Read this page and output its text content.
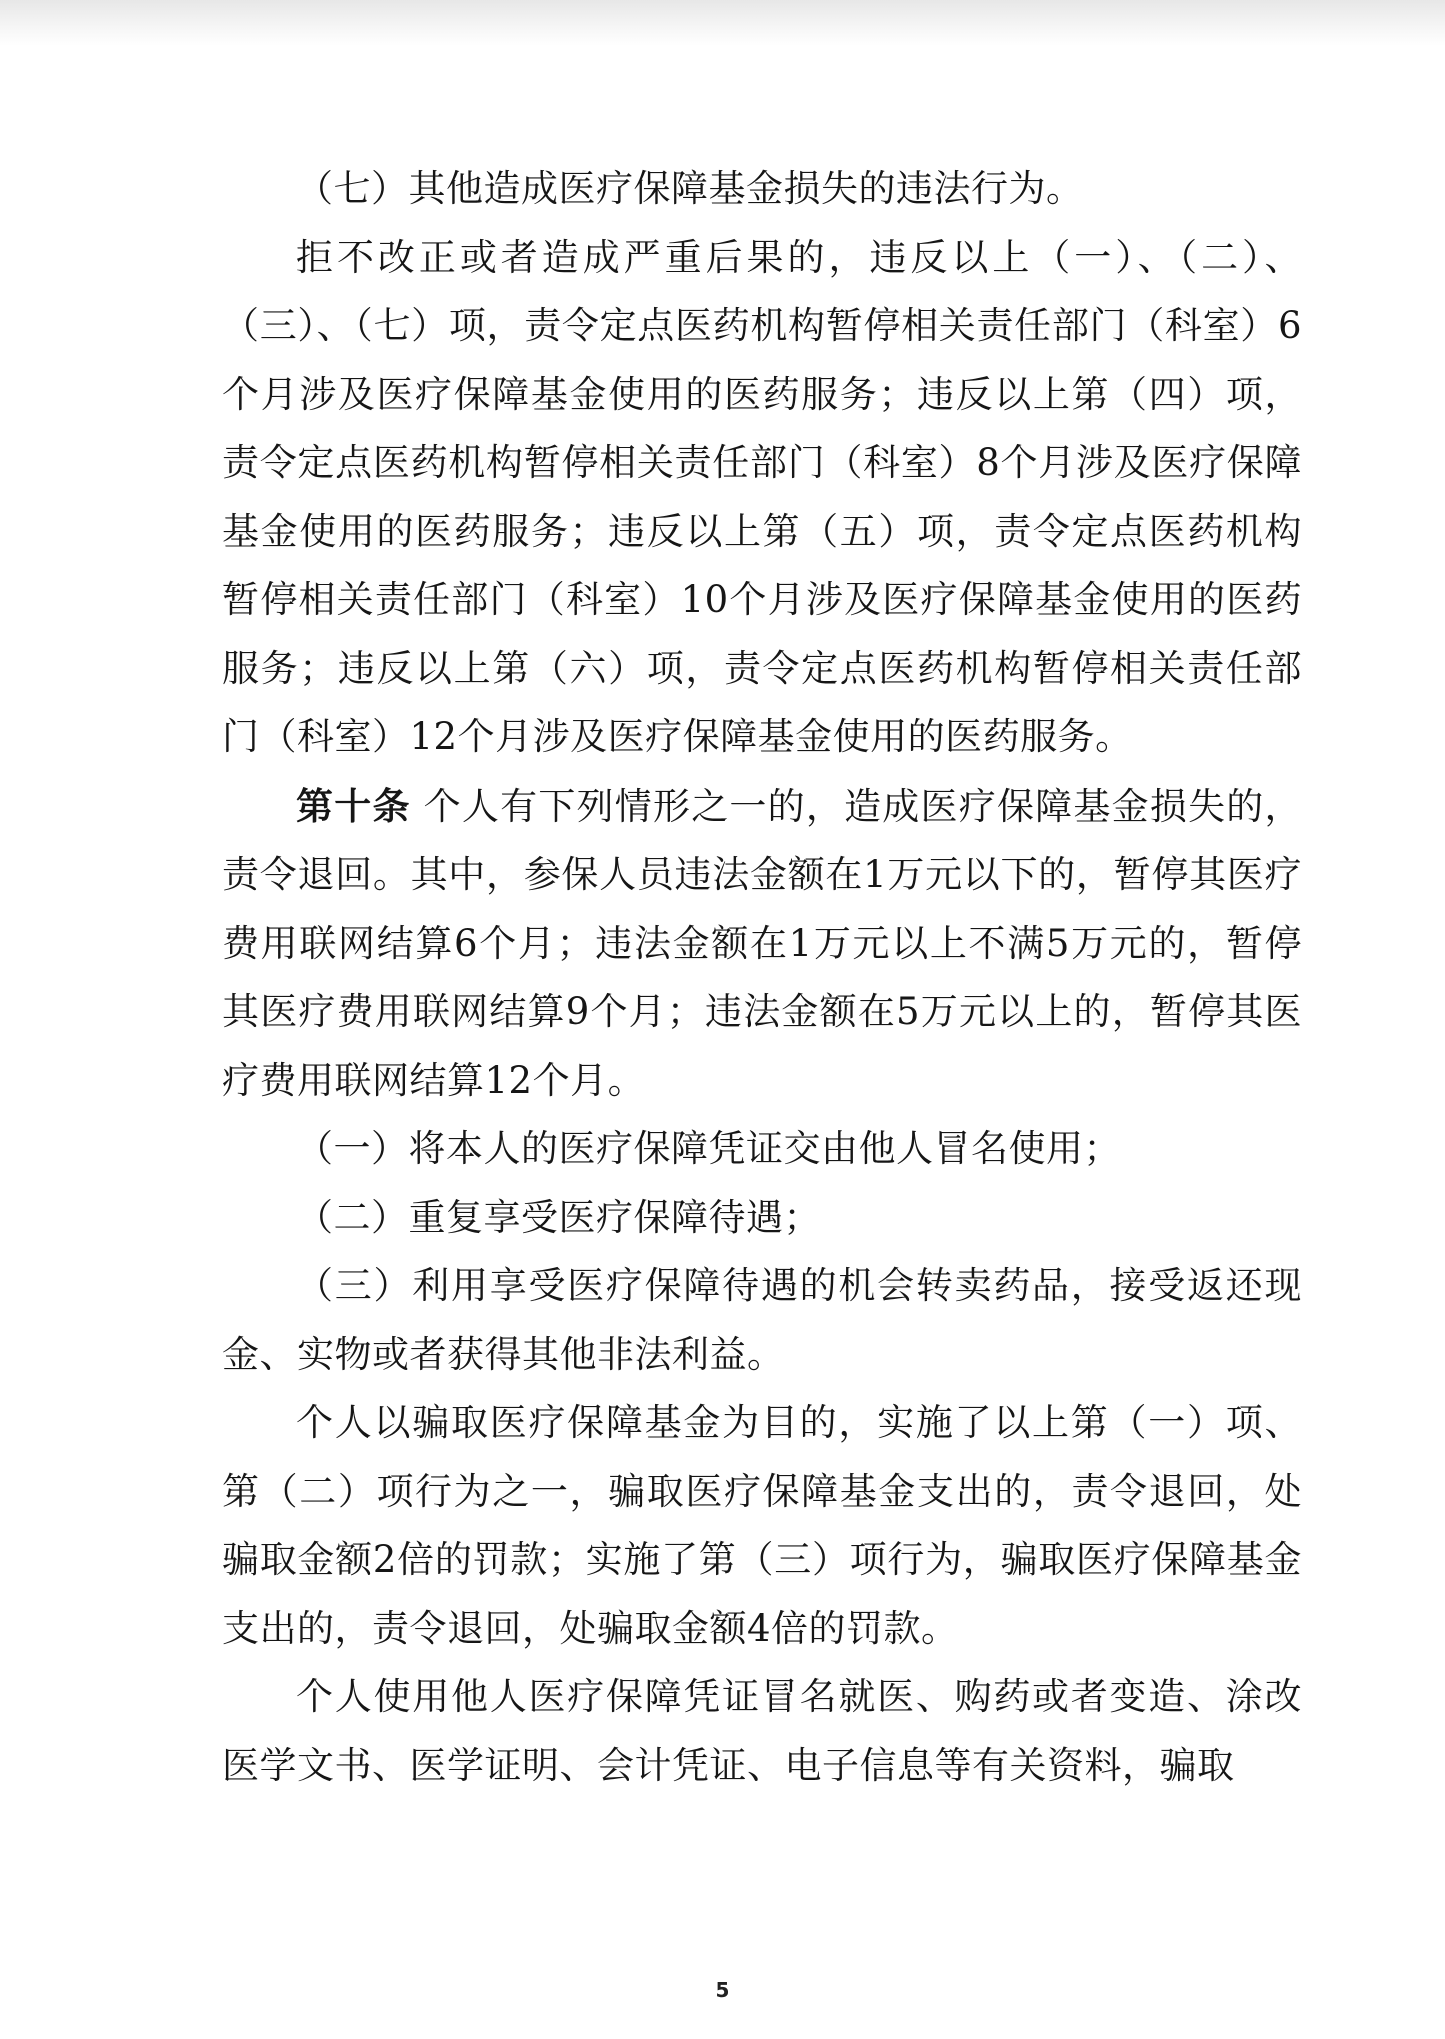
（七）其他造成医疗保障基金损失的违法行为。

拒不改正或者造成严重后果的，违反以上（一）、（二）、（三）、（七）项，责令定点医药机构暂停相关责任部门（科室）6个月涉及医疗保障基金使用的医药服务；违反以上第（四）项，责令定点医药机构暂停相关责任部门（科室）8个月涉及医疗保障基金使用的医药服务；违反以上第（五）项，责令定点医药机构暂停相关责任部门（科室）10个月涉及医疗保障基金使用的医药服务；违反以上第（六）项，责令定点医药机构暂停相关责任部门（科室）12个月涉及医疗保障基金使用的医药服务。

第十条 个人有下列情形之一的，造成医疗保障基金损失的，责令退回。其中，参保人员违法金额在1万元以下的，暂停其医疗费用联网结算6个月；违法金额在1万元以上不满5万元的，暂停其医疗费用联网结算9个月；违法金额在5万元以上的，暂停其医疗费用联网结算12个月。

（一）将本人的医疗保障凭证交由他人冒名使用；

（二）重复享受医疗保障待遇；

（三）利用享受医疗保障待遇的机会转卖药品，接受返还现金、实物或者获得其他非法利益。

个人以骗取医疗保障基金为目的，实施了以上第（一）项、第（二）项行为之一，骗取医疗保障基金支出的，责令退回，处骗取金额2倍的罚款；实施了第（三）项行为，骗取医疗保障基金支出的，责令退回，处骗取金额4倍的罚款。

个人使用他人医疗保障凭证冒名就医、购药或者变造、涂改医学文书、医学证明、会计凭证、电子信息等有关资料，骗取

5
